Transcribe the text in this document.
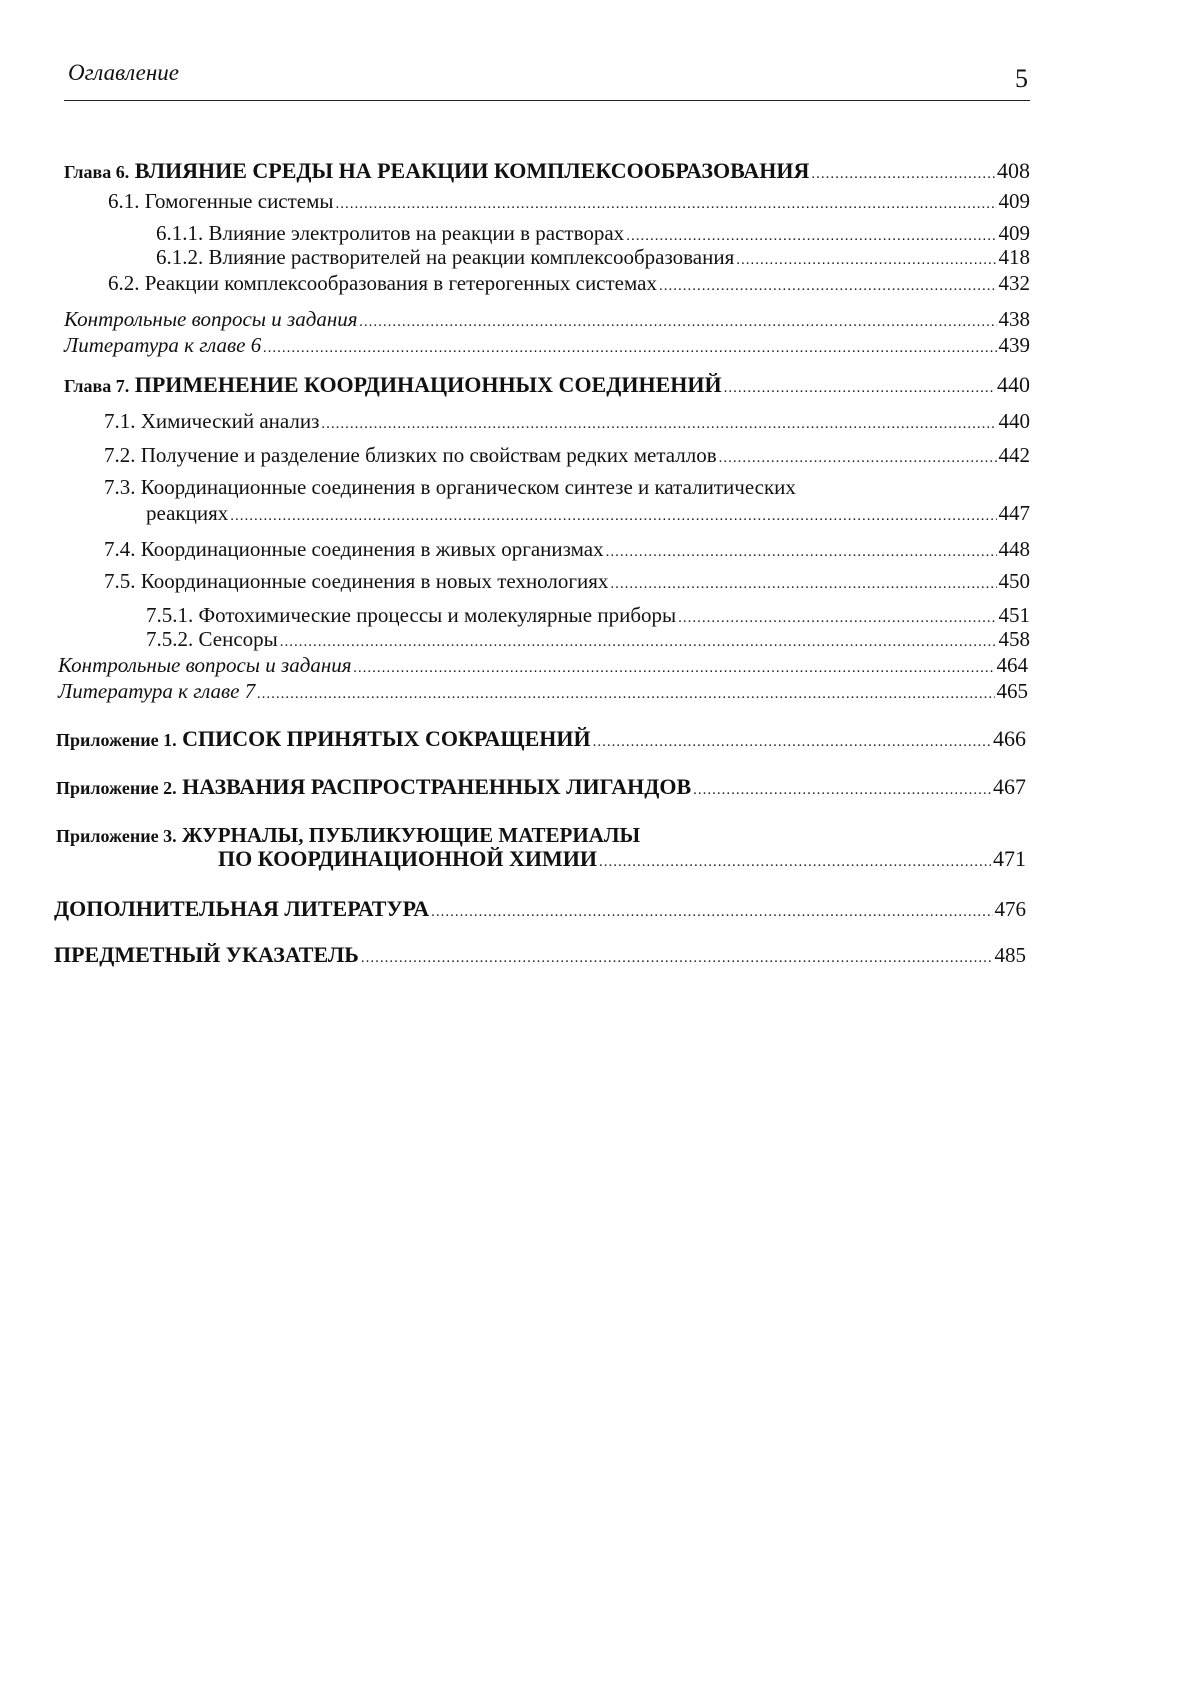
Оглавление	5
Глава 6. ВЛИЯНИЕ СРЕДЫ НА РЕАКЦИИ КОМПЛЕКСООБРАЗОВАНИЯ .....	408
6.1. Гомогенные системы .....	409
6.1.1. Влияние электролитов на реакции в растворах .....	409
6.1.2. Влияние растворителей на реакции комплексообразования .....	418
6.2. Реакции комплексообразования в гетерогенных системах .....	432
Контрольные вопросы и задания .....	438
Литература к главе 6 .....	439
Глава 7. ПРИМЕНЕНИЕ КООРДИНАЦИОННЫХ СОЕДИНЕНИЙ .....	440
7.1. Химический анализ .....	440
7.2. Получение и разделение близких по свойствам редких металлов .....	442
7.3. Координационные соединения в органическом синтезе и каталитических
реакциях .....	447
7.4. Координационные соединения в живых организмах .....	448
7.5. Координационные соединения в новых технологиях .....	450
7.5.1. Фотохимические процессы и молекулярные приборы .....	451
7.5.2. Сенсоры .....	458
Контрольные вопросы и задания .....	464
Литература к главе 7 .....	465
Приложение 1. СПИСОК ПРИНЯТЫХ СОКРАЩЕНИЙ .....	466
Приложение 2. НАЗВАНИЯ РАСПРОСТРАНЕННЫХ ЛИГАНДОВ .....	467
Приложение 3. ЖУРНАЛЫ, ПУБЛИКУЮЩИЕ МАТЕРИАЛЫ
ПО КООРДИНАЦИОННОЙ ХИМИИ .....	471
ДОПОЛНИТЕЛЬНАЯ ЛИТЕРАТУРА .....	476
ПРЕДМЕТНЫЙ УКАЗАТЕЛЬ .....	485
